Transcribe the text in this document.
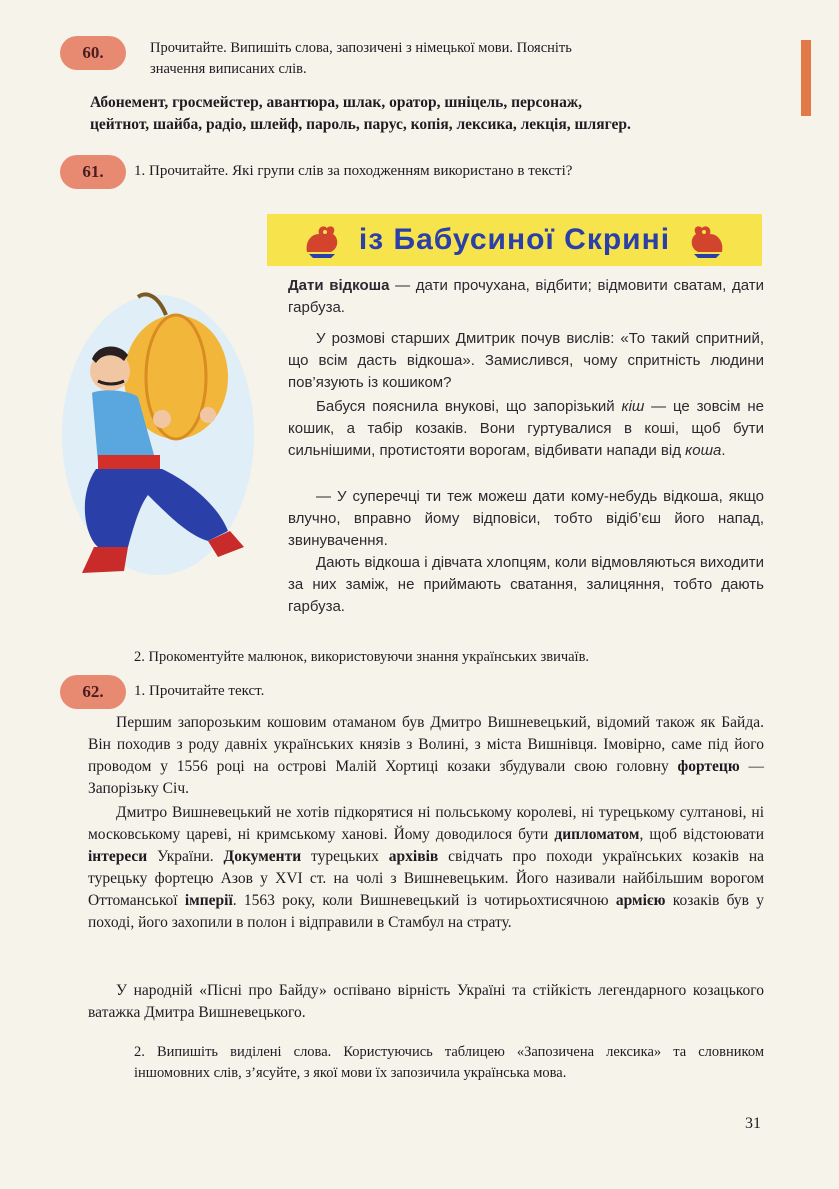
60.	Прочитайте. Випишіть слова, запозичені з німецької мови. Поясніть
значення виписаних слів.
Абонемент, гросмейстер, авантюра, шлак, оратор, шніцель, персонаж,
цейтнот, шайба, радіо, шлейф, пароль, парус, копія, лексика, лекція, шлягер.
61.	1. Прочитайте. Які групи слів за походженням використано в тексті?
із Бабусиної Скрині
Дати відкоша — дати прочухана, відбити; відмовити сватам, дати гарбуза.
У розмові старших Дмитрик почув вислів: «То такий спритний, що всім дасть відкоша». Замислився, чому спритність людини пов’язують із кошиком?
Бабуся пояснила внукові, що запорізький кіш — це зовсім не кошик, а табір козаків. Вони гуртувалися в коші, щоб бути сильнішими, протистояти ворогам, відбивати напади від коша.
— У суперечці ти теж можеш дати кому-небудь відкоша, якщо влучно, вправно йому відповіси, тобто відіб’єш його напад, звинувачення.
Дають відкоша і дівчата хлопцям, коли відмовляються виходити за них заміж, не приймають сватання, залицяння, тобто дають гарбуза.
2. Прокоментуйте малюнок, використовуючи знання українських звичаїв.
62.	1. Прочитайте текст.
Першим запорозьким кошовим отаманом був Дмитро Вишневецький, відомий також як Байда. Він походив з роду давніх українських князів з Волині, з міста Вишнівця. Імовірно, саме під його проводом у 1556 році на острові Малій Хортиці козаки збудували свою головну фортецю — Запорізьку Січ.
Дмитро Вишневецький не хотів підкорятися ні польському королеві, ні турецькому султанові, ні московському цареві, ні кримському ханові. Йому доводилося бути дипломатом, щоб відстоювати інтереси України. Документи турецьких архівів свідчать про походи українських козаків на турецьку фортецю Азов у XVI ст. на чолі з Вишневецьким. Його називали найбільшим ворогом Оттоманської імперії. 1563 року, коли Вишневецький із чотирьохтисячною армією козаків був у поході, його захопили в полон і відправили в Стамбул на страту.
У народній «Пісні про Байду» оспівано вірність Україні та стійкість легендарного козацького ватажка Дмитра Вишневецького.
2. Випишіть виділені слова. Користуючись таблицею «Запозичена лексика» та словником іншомовних слів, з’ясуйте, з якої мови їх запозичила українська мова.
31
